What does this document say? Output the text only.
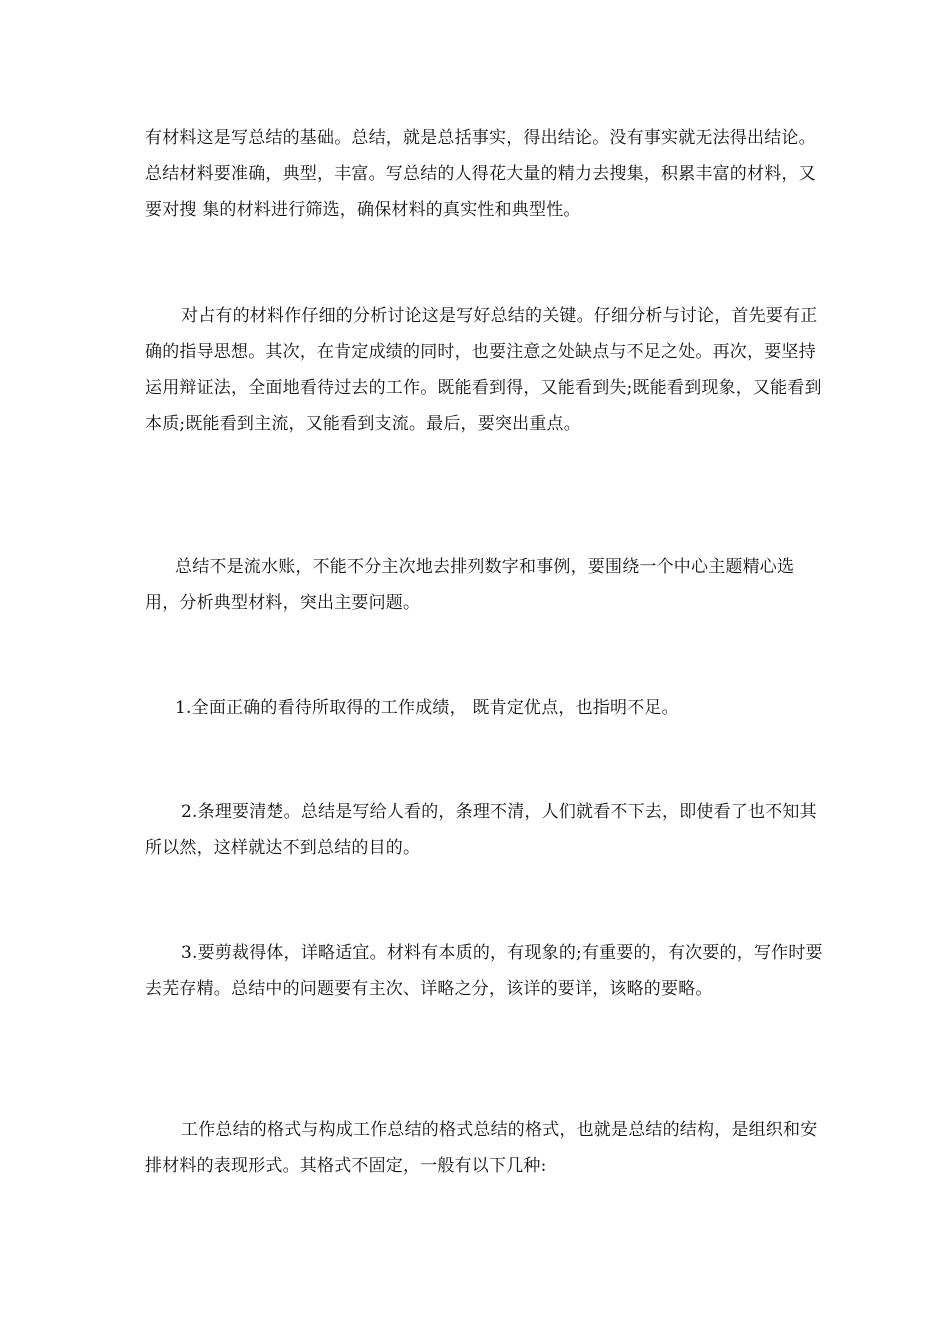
有材料这是写总结的基础。总结，就是总括事实，得出结论。没有事实就无法得出结论。总结材料要准确，典型，丰富。写总结的人得花大量的精力去搜集，积累丰富的材料，又要对搜 集的材料进行筛选，确保材料的真实性和典型性。

对占有的材料作仔细的分析讨论这是写好总结的关键。仔细分析与讨论，首先要有正确的指导思想。其次，在肯定成绩的同时，也要注意之处缺点与不足之处。再次，要坚持运用辩证法，全面地看待过去的工作。既能看到得，又能看到失;既能看到现象，又能看到本质;既能看到主流，又能看到支流。最后，要突出重点。

总结不是流水账，不能不分主次地去排列数字和事例，要围绕一个中心主题精心选用，分析典型材料，突出主要问题。

1.全面正确的看待所取得的工作成绩， 既肯定优点，也指明不足。

2.条理要清楚。总结是写给人看的，条理不清，人们就看不下去，即使看了也不知其所以然，这样就达不到总结的目的。

3.要剪裁得体，详略适宜。材料有本质的，有现象的;有重要的，有次要的，写作时要去芜存精。总结中的问题要有主次、详略之分，该详的要详，该略的要略。

工作总结的格式与构成工作总结的格式总结的格式，也就是总结的结构，是组织和安排材料的表现形式。其格式不固定，一般有以下几种:
